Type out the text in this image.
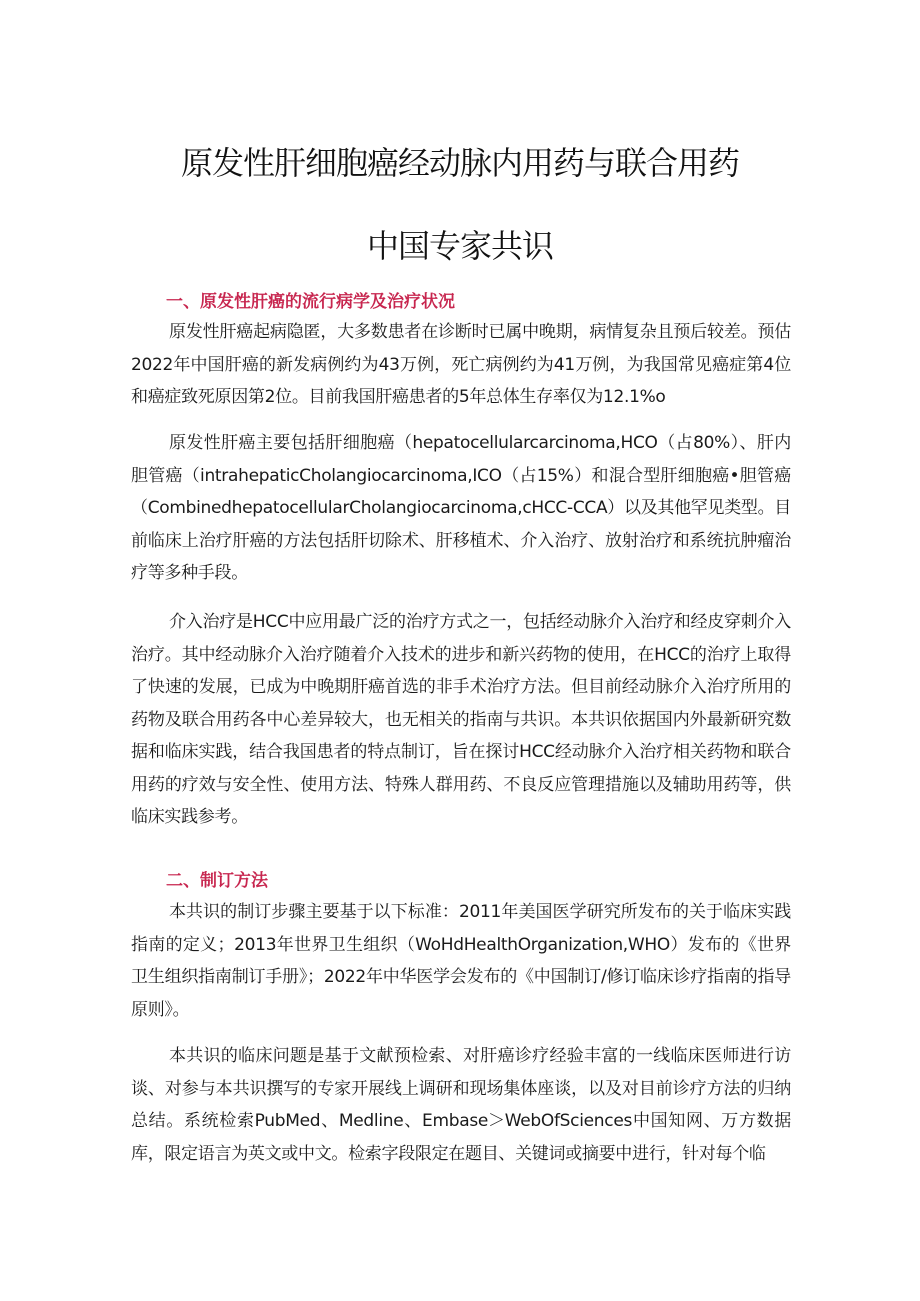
原发性肝细胞癌经动脉内用药与联合用药
中国专家共识
一、原发性肝癌的流行病学及治疗状况

原发性肝癌起病隐匿，大多数患者在诊断时已属中晚期，病情复杂且预后较差。预估2022年中国肝癌的新发病例约为43万例，死亡病例约为41万例，为我国常见癌症第4位和癌症致死原因第2位。目前我国肝癌患者的5年总体生存率仅为12.1%o

原发性肝癌主要包括肝细胞癌（hepatocellularcarcinoma,HCO（占80%）、肝内胆管癌（intrahepaticCholangiocarcinoma,ICO（占15%）和混合型肝细胞癌•胆管癌（CombinedhepatocellularCholangiocarcinoma,cHCC-CCA）以及其他罕见类型。目前临床上治疗肝癌的方法包括肝切除术、肝移植术、介入治疗、放射治疗和系统抗肿瘤治疗等多种手段。

介入治疗是HCC中应用最广泛的治疗方式之一，包括经动脉介入治疗和经皮穿刺介入治疗。其中经动脉介入治疗随着介入技术的进步和新兴药物的使用，在HCC的治疗上取得了快速的发展，已成为中晚期肝癌首选的非手术治疗方法。但目前经动脉介入治疗所用的药物及联合用药各中心差异较大，也无相关的指南与共识。本共识依据国内外最新研究数据和临床实践，结合我国患者的特点制订，旨在探讨HCC经动脉介入治疗相关药物和联合用药的疗效与安全性、使用方法、特殊人群用药、不良反应管理措施以及辅助用药等，供临床实践参考。

二、制订方法

本共识的制订步骤主要基于以下标准：2011年美国医学研究所发布的关于临床实践指南的定义；2013年世界卫生组织（WoHdHealthOrganization,WHO）发布的《世界卫生组织指南制订手册》；2022年中华医学会发布的《中国制订/修订临床诊疗指南的指导原则》。

本共识的临床问题是基于文献预检索、对肝癌诊疗经验丰富的一线临床医师进行访谈、对参与本共识撰写的专家开展线上调研和现场集体座谈，以及对目前诊疗方法的归纳总结。系统检索PubMed、Medline、Embase＞WebOfSciences中国知网、万方数据库，限定语言为英文或中文。检索字段限定在题目、关键词或摘要中进行，针对每个临
